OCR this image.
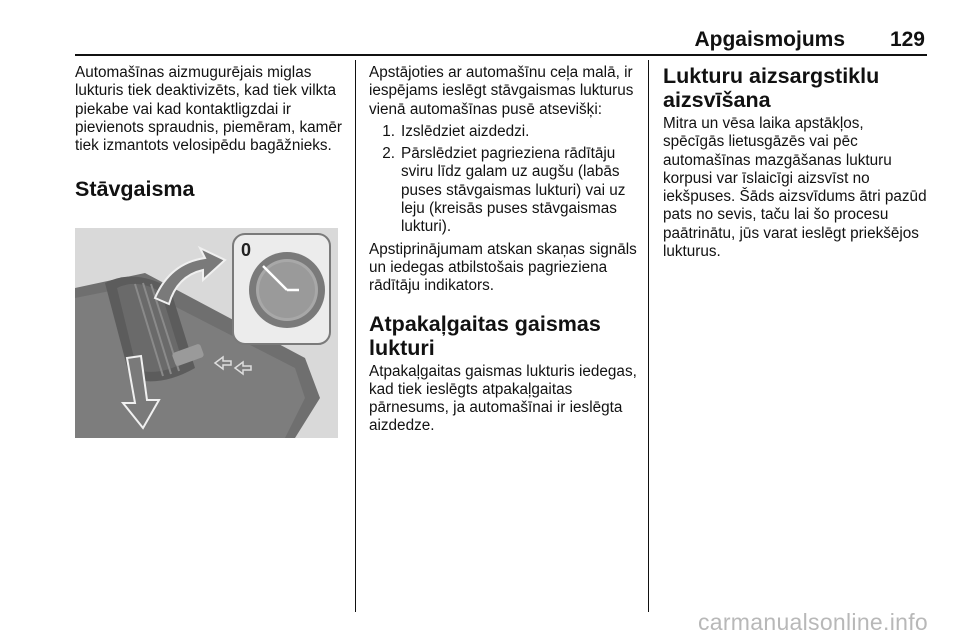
Apgaismojums 129

Automašīnas aizmugurējais miglas lukturis tiek deaktivizēts, kad tiek vilkta piekabe vai kad kontaktligzdai ir pievienots spraudnis, piemēram, kamēr tiek izmantots velosipēdu bagāžnieks.

Stāvgaisma
0

Apstājoties ar automašīnu ceļa malā, ir iespējams ieslēgt stāvgaismas lukturus vienā automašīnas pusē atsevišķi:

1. Izslēdziet aizdedzi.
2. Pārslēdziet pagrieziena rādītāju sviru līdz galam uz augšu (labās puses stāvgaismas lukturi) vai uz leju (kreisās puses stāvgaismas lukturi).

Apstiprinājumam atskan skaņas signāls un iedegas atbilstošais pagrieziena rādītāju indikators.

Atpakaļgaitas gaismas lukturi

Atpakaļgaitas gaismas lukturis iedegas, kad tiek ieslēgts atpakaļgaitas pārnesums, ja automašīnai ir ieslēgta aizdedze.

Lukturu aizsargstiklu aizsvīšana

Mitra un vēsa laika apstākļos, spēcīgās lietusgāzēs vai pēc automašīnas mazgāšanas lukturu korpusi var īslaicīgi aizsvīst no iekšpuses. Šāds aizsvīdums ātri pazūd pats no sevis, taču lai šo procesu paātrinātu, jūs varat ieslēgt priekšējos lukturus.

carmanualsonline.info
